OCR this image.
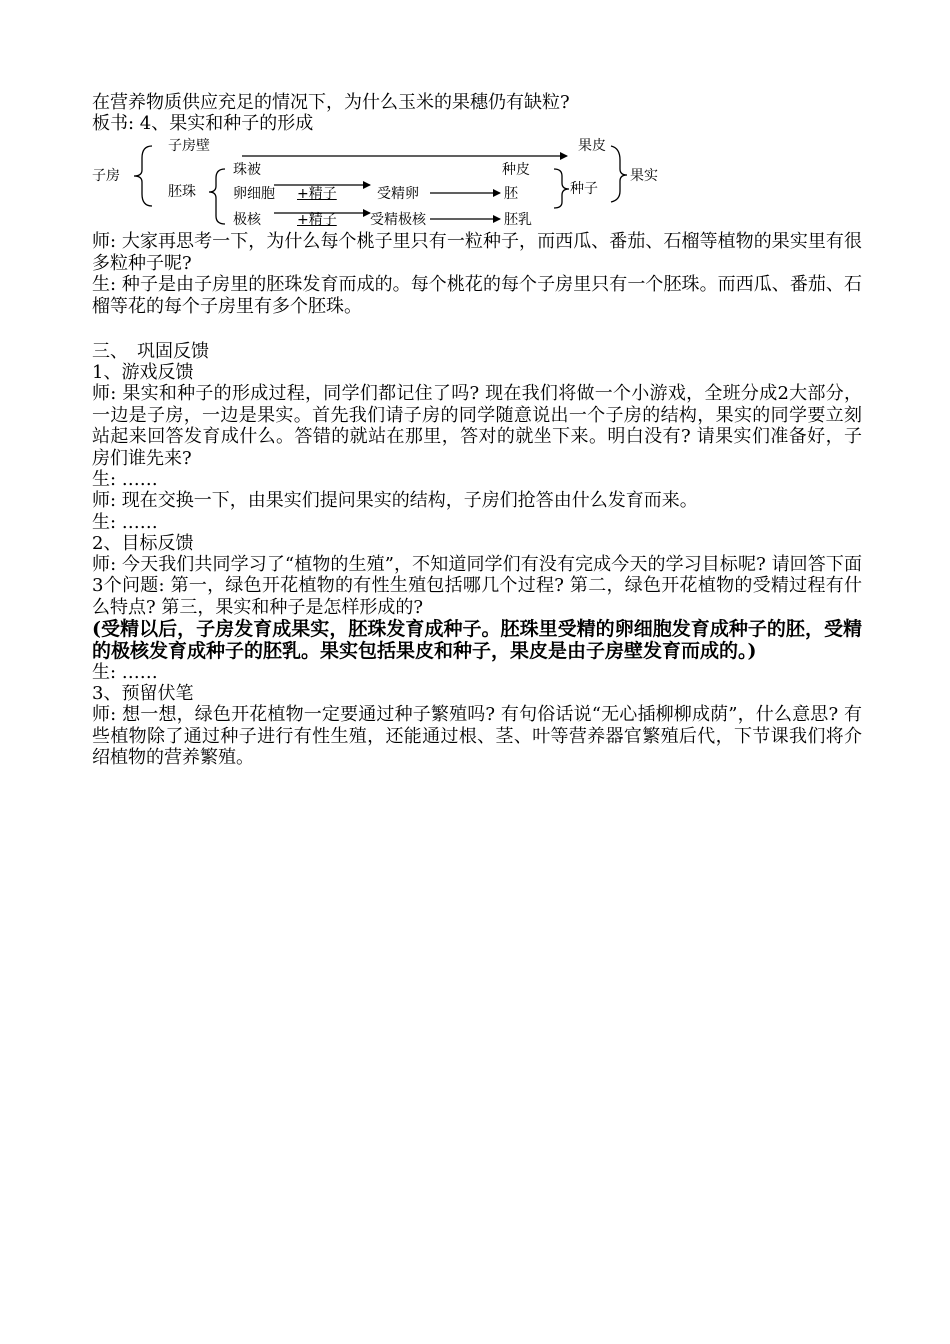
在营养物质供应充足的情况下，为什么玉米的果穗仍有缺粒?

板书: 4、果实和种子的形成

子房
子房壁	果皮
果实
胚珠
珠被	种皮
卵细胞 +精子	受精卵	胚	种子
极核	+精子 受精极核	胚乳

师: 大家再思考一下，为什么每个桃子里只有一粒种子，而西瓜、番茄、石榴等植物的果实里有很多粒种子呢?

生: 种子是由子房里的胚珠发育而成的。每个桃花的每个子房里只有一个胚珠。而西瓜、番茄、石榴等花的每个子房里有多个胚珠。

三、　巩固反馈

1、游戏反馈

师: 果实和种子的形成过程，同学们都记住了吗? 现在我们将做一个小游戏，全班分成2大部分，一边是子房，一边是果实。首先我们请子房的同学随意说出一个子房的结构，果实的同学要立刻站起来回答发育成什么。答错的就站在那里，答对的就坐下来。明白没有? 请果实们准备好，子房们谁先来?

生: ……

师: 现在交换一下，由果实们提问果实的结构，子房们抢答由什么发育而来。

生: ……

2、目标反馈

师: 今天我们共同学习了“植物的生殖”，不知道同学们有没有完成今天的学习目标呢? 请回答下面3个问题: 第一，绿色开花植物的有性生殖包括哪几个过程? 第二，绿色开花植物的受精过程有什么特点? 第三，果实和种子是怎样形成的?

(受精以后，子房发育成果实，胚珠发育成种子。胚珠里受精的卵细胞发育成种子的胚，受精的极核发育成种子的胚乳。果实包括果皮和种子，果皮是由子房壁发育而成的。)

生: ……

3、预留伏笔

师: 想一想，绿色开花植物一定要通过种子繁殖吗? 有句俗话说“无心插柳柳成荫”，什么意思? 有些植物除了通过种子进行有性生殖，还能通过根、茎、叶等营养器官繁殖后代，下节课我们将介绍植物的营养繁殖。
